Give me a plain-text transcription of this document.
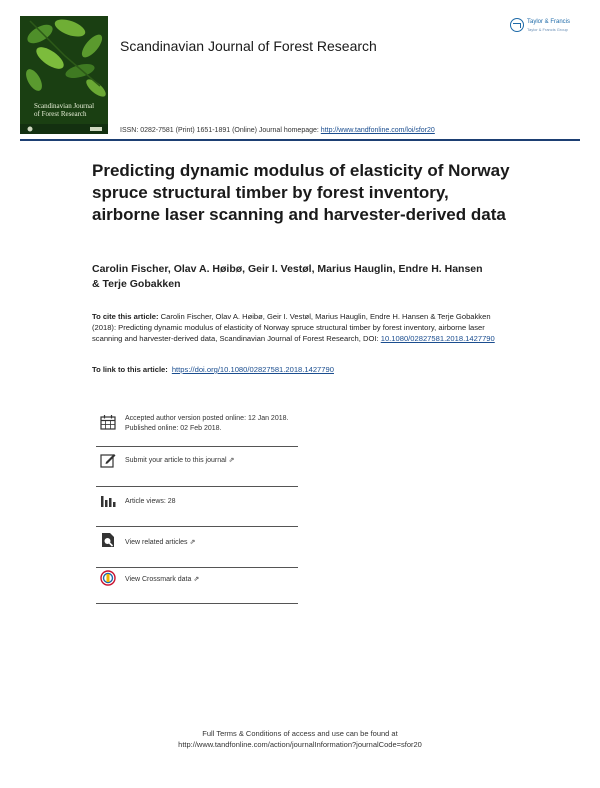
Scandinavian Journal of Forest Research
Scandinavian Journal of Forest Research
Taylor & Francis
Taylor & Francis Group
ISSN: 0282-7581 (Print) 1651-1891 (Online) Journal homepage: http://www.tandfonline.com/loi/sfor20
Predicting dynamic modulus of elasticity of Norway spruce structural timber by forest inventory, airborne laser scanning and harvester-derived data
Carolin Fischer, Olav A. Høibø, Geir I. Vestøl, Marius Hauglin, Endre H. Hansen & Terje Gobakken
To cite this article: Carolin Fischer, Olav A. Høibø, Geir I. Vestøl, Marius Hauglin, Endre H. Hansen & Terje Gobakken (2018): Predicting dynamic modulus of elasticity of Norway spruce structural timber by forest inventory, airborne laser scanning and harvester-derived data, Scandinavian Journal of Forest Research, DOI: 10.1080/02827581.2018.1427790
To link to this article: https://doi.org/10.1080/02827581.2018.1427790
Accepted author version posted online: 12 Jan 2018.
Published online: 02 Feb 2018.
Submit your article to this journal ⇗
Article views: 28
View related articles ⇗
View Crossmark data ⇗
Full Terms & Conditions of access and use can be found at
http://www.tandfonline.com/action/journalInformation?journalCode=sfor20
